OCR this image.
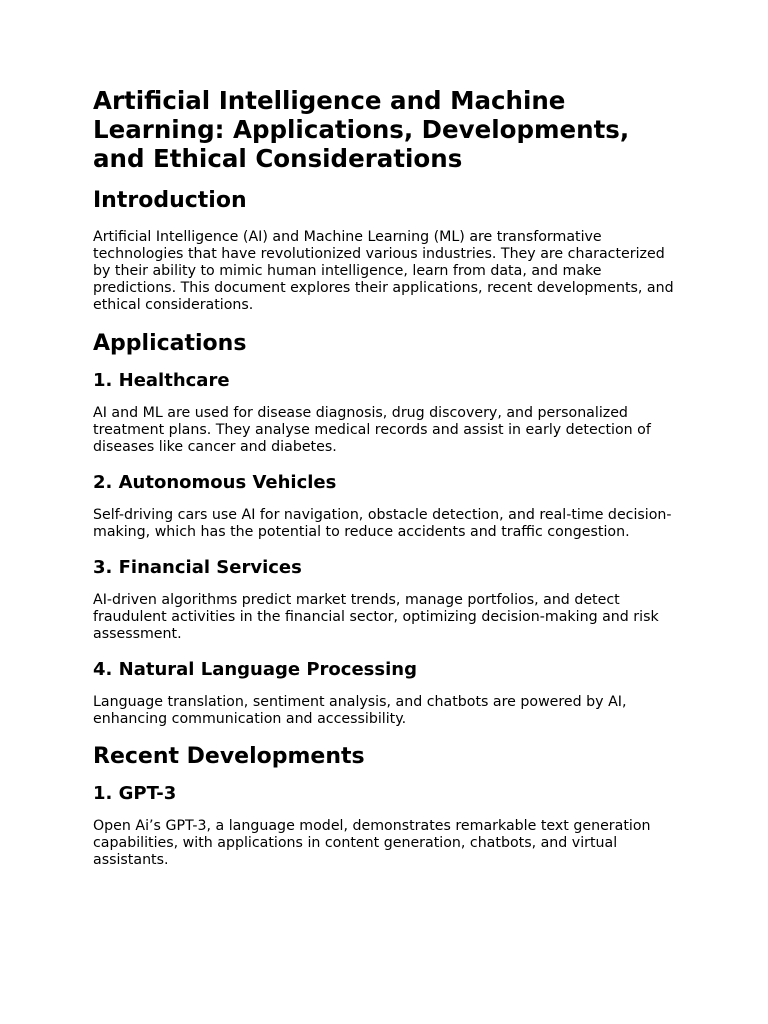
Artificial Intelligence and Machine Learning: Applications, Developments, and Ethical Considerations
Introduction

Artificial Intelligence (AI) and Machine Learning (ML) are transformative technologies that have revolutionized various industries. They are characterized by their ability to mimic human intelligence, learn from data, and make predictions. This document explores their applications, recent developments, and ethical considerations.

Applications
1. Healthcare

AI and ML are used for disease diagnosis, drug discovery, and personalized treatment plans. They analyse medical records and assist in early detection of diseases like cancer and diabetes.

2. Autonomous Vehicles

Self-driving cars use AI for navigation, obstacle detection, and real-time decision-making, which has the potential to reduce accidents and traffic congestion.

3. Financial Services

AI-driven algorithms predict market trends, manage portfolios, and detect fraudulent activities in the financial sector, optimizing decision-making and risk assessment.

4. Natural Language Processing

Language translation, sentiment analysis, and chatbots are powered by AI, enhancing communication and accessibility.

Recent Developments
1. GPT-3

Open Ai’s GPT-3, a language model, demonstrates remarkable text generation capabilities, with applications in content generation, chatbots, and virtual assistants.
